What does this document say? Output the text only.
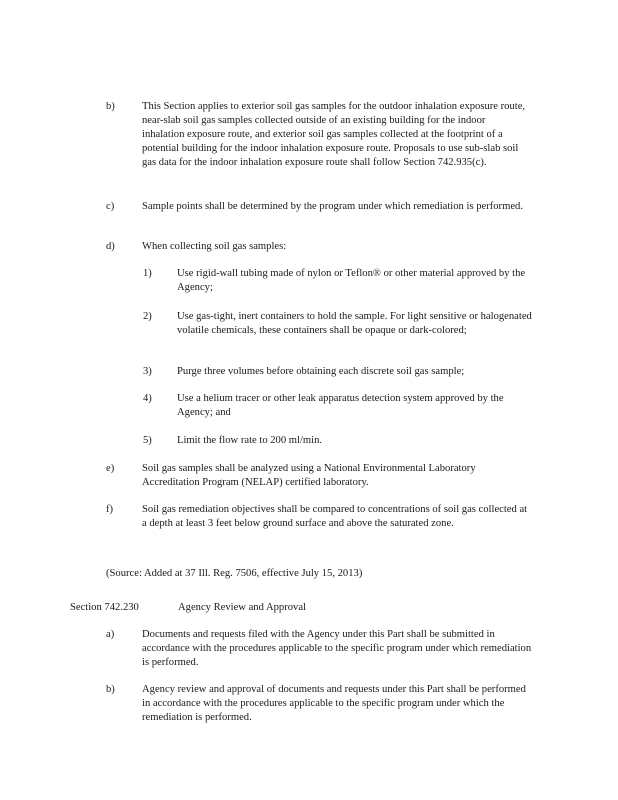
b)	This Section applies to exterior soil gas samples for the outdoor inhalation exposure route, near-slab soil gas samples collected outside of an existing building for the indoor inhalation exposure route, and exterior soil gas samples collected at the footprint of a potential building for the indoor inhalation exposure route. Proposals to use sub-slab soil gas data for the indoor inhalation exposure route shall follow Section 742.935(c).
c)	Sample points shall be determined by the program under which remediation is performed.
d)	When collecting soil gas samples:
1) Use rigid-wall tubing made of nylon or Teflon® or other material approved by the Agency;
2) Use gas-tight, inert containers to hold the sample. For light sensitive or halogenated volatile chemicals, these containers shall be opaque or dark-colored;
3) Purge three volumes before obtaining each discrete soil gas sample;
4) Use a helium tracer or other leak apparatus detection system approved by the Agency; and
5) Limit the flow rate to 200 ml/min.
e)	Soil gas samples shall be analyzed using a National Environmental Laboratory Accreditation Program (NELAP) certified laboratory.
f)	Soil gas remediation objectives shall be compared to concentrations of soil gas collected at a depth at least 3 feet below ground surface and above the saturated zone.
(Source: Added at 37 Ill. Reg. 7506, effective July 15, 2013)
Section 742.230	Agency Review and Approval
a)	Documents and requests filed with the Agency under this Part shall be submitted in accordance with the procedures applicable to the specific program under which remediation is performed.
b)	Agency review and approval of documents and requests under this Part shall be performed in accordance with the procedures applicable to the specific program under which the remediation is performed.
